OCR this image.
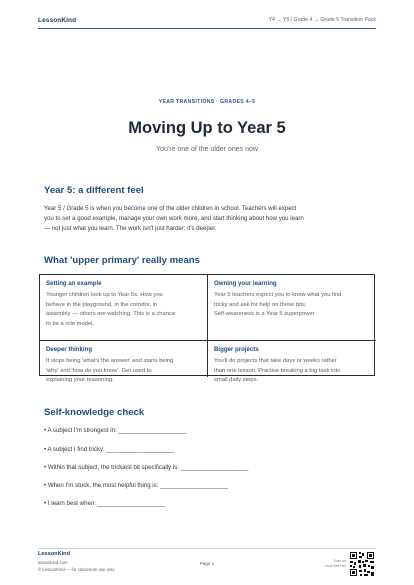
LessonKind	Y4 → Y5 / Grade 4 → Grade 5 Transition Pack
YEAR TRANSITIONS · GRADES 4–5
Moving Up to Year 5
You're one of the older ones now
Year 5: a different feel
Year 5 / Grade 5 is when you become one of the older children in school. Teachers will expect
you to set a good example, manage your own work more, and start thinking about how you learn
— not just what you learn. The work isn't just harder; it's deeper.
What 'upper primary' really means
Setting an example
Younger children look up to Year 5s. How you
behave in the playground, in the corridor, in
assembly — others are watching. This is a chance
to be a role model.
Owning your learning
Year 5 teachers expect you to know what you find
tricky and ask for help on those bits.
Self-awareness is a Year 5 superpower.
Deeper thinking
It stops being 'what's the answer' and starts being
'why' and 'how do you know'. Get used to
explaining your reasoning.
Bigger projects
You'll do projects that take days or weeks rather
than one lesson. Practise breaking a big task into
small daily steps.
Self-knowledge check
• A subject I'm strongest in: ____________________
• A subject I find tricky: ____________________
• Within that subject, the trickiest bit specifically is: ____________________
• When I'm stuck, the most helpful thing is: ____________________
• I learn best when: ____________________
LessonKind
lessonkind.com
© LessonKind — for classroom use only
Page 1	Scan for
more free use
